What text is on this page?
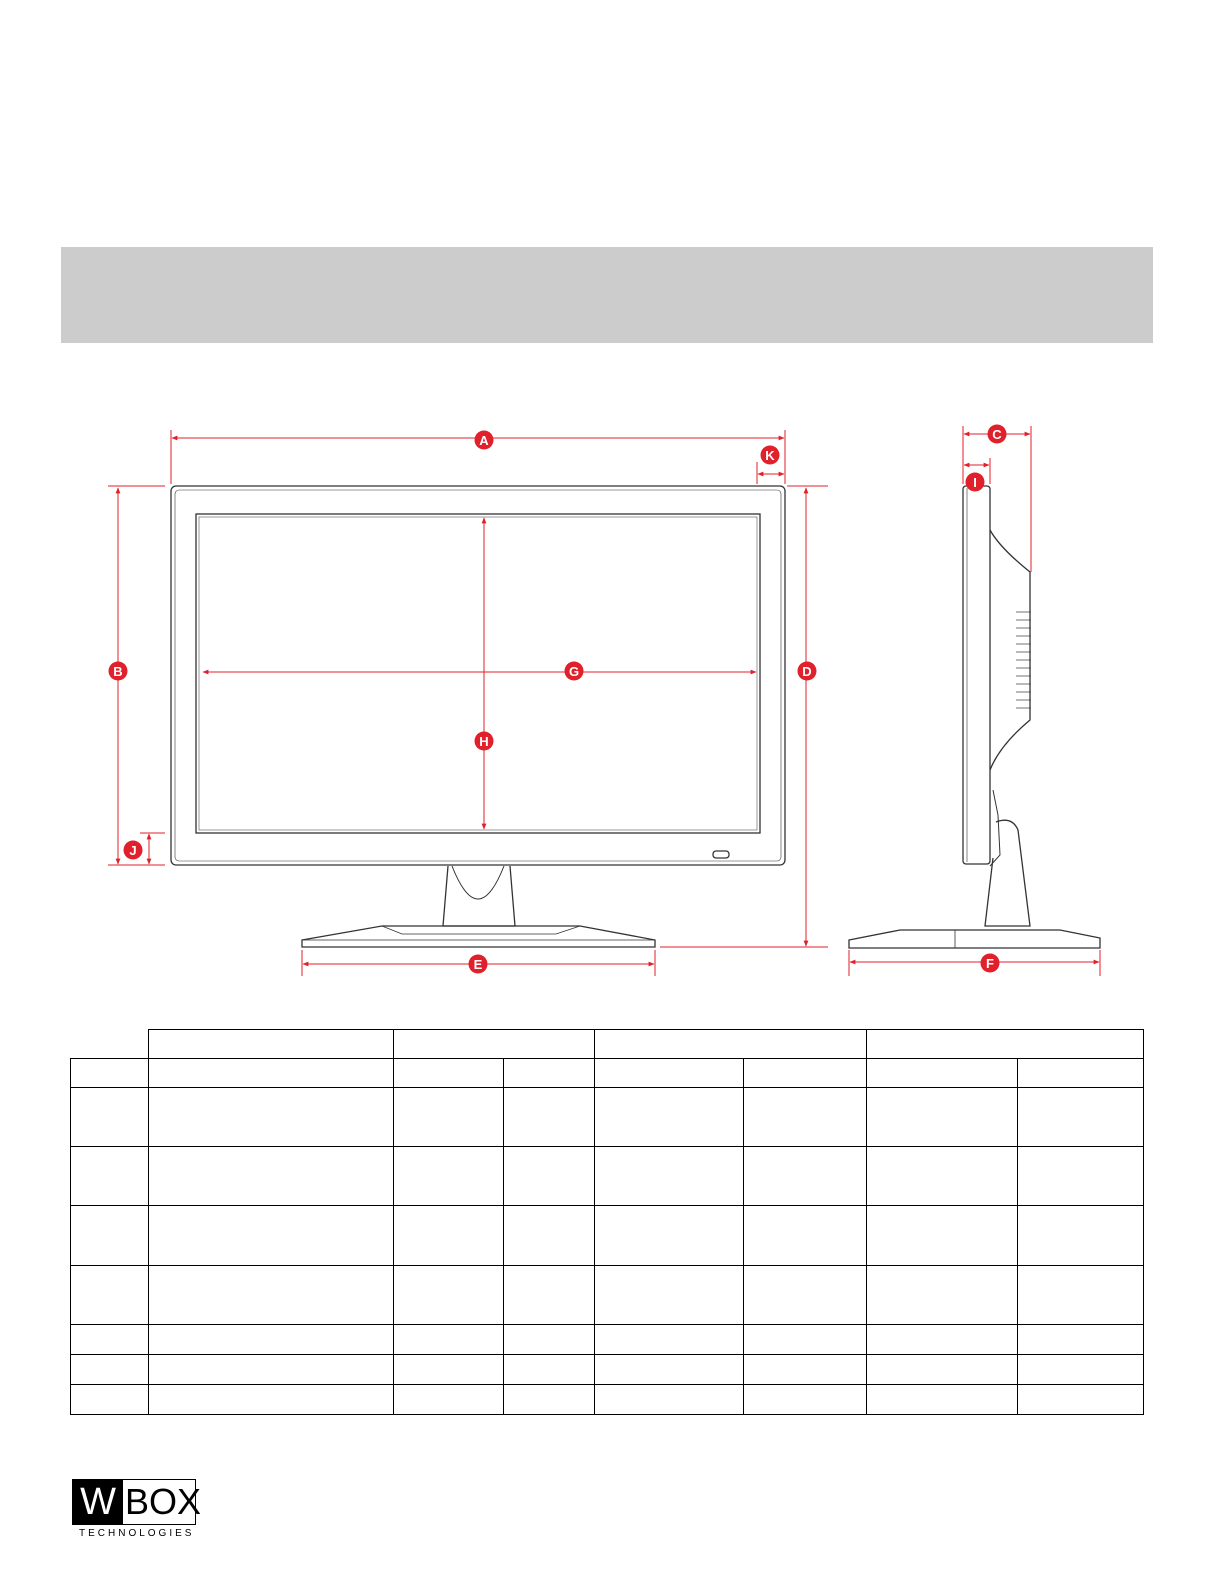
A
B
C
D
E	F
G
H
I
J
K

W BOX
TECHNOLOGIES
